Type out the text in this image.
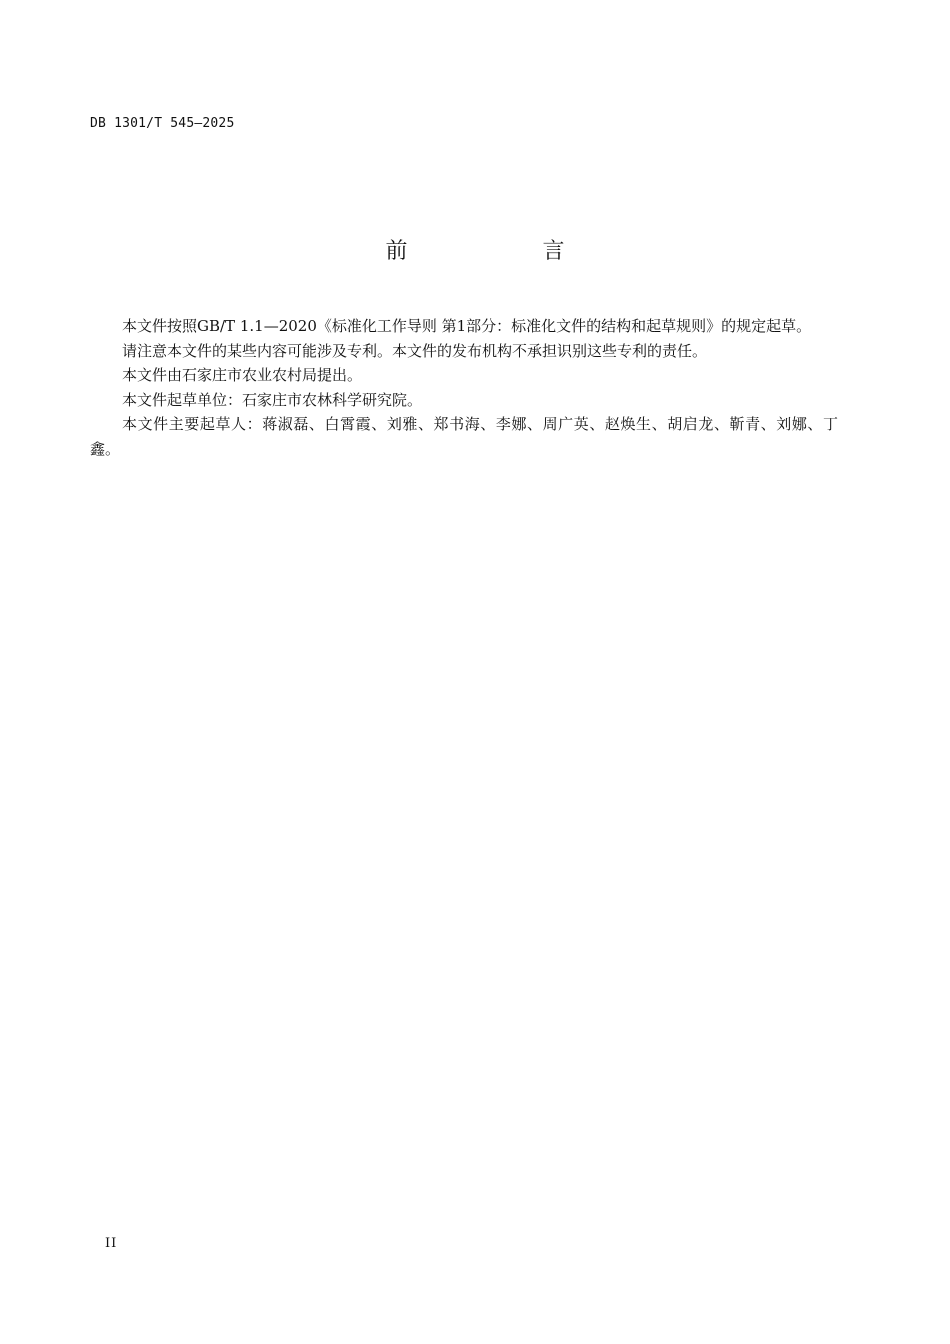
DB 1301/T 545—2025
前 言

本文件按照GB/T 1.1—2020《标准化工作导则 第1部分：标准化文件的结构和起草规则》的规定起草。

请注意本文件的某些内容可能涉及专利。本文件的发布机构不承担识别这些专利的责任。

本文件由石家庄市农业农村局提出。

本文件起草单位：石家庄市农林科学研究院。

本文件主要起草人：蒋淑磊、白霄霞、刘雅、郑书海、李娜、周广英、赵焕生、胡启龙、靳青、刘娜、丁鑫。

II
